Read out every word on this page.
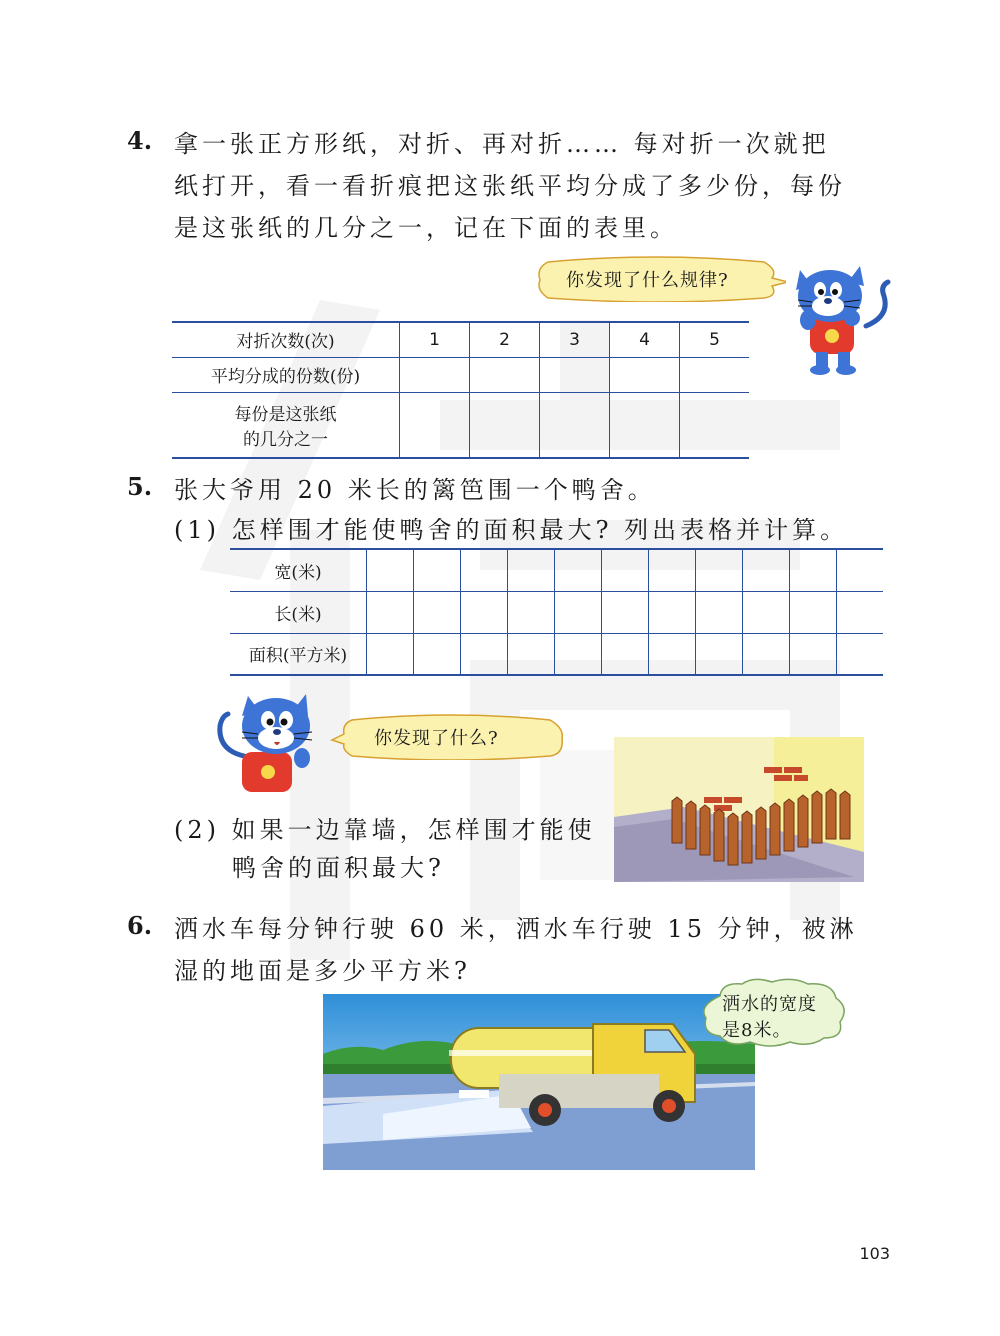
4. 拿一张正方形纸，对折、再对折…… 每对折一次就把
纸打开，看一看折痕把这张纸平均分成了多少份，每份
是这张纸的几分之一，记在下面的表里。
你发现了什么规律?
对折次数(次)	1	2	3	4	5
平均分成的份数(份)					

每份是这张纸
的几分之一					

5. 张大爷用 20 米长的篱笆围一个鸭舍。
(1) 怎样围才能使鸭舍的面积最大? 列出表格并计算。
宽(米)											
长(米)											
面积(平方米)											
你发现了什么?
(2) 如果一边靠墙，怎样围才能使
鸭舍的面积最大?
6. 洒水车每分钟行驶 60 米，洒水车行驶 15 分钟，被淋
湿的地面是多少平方米?
洒水的宽度
是8米。
103
